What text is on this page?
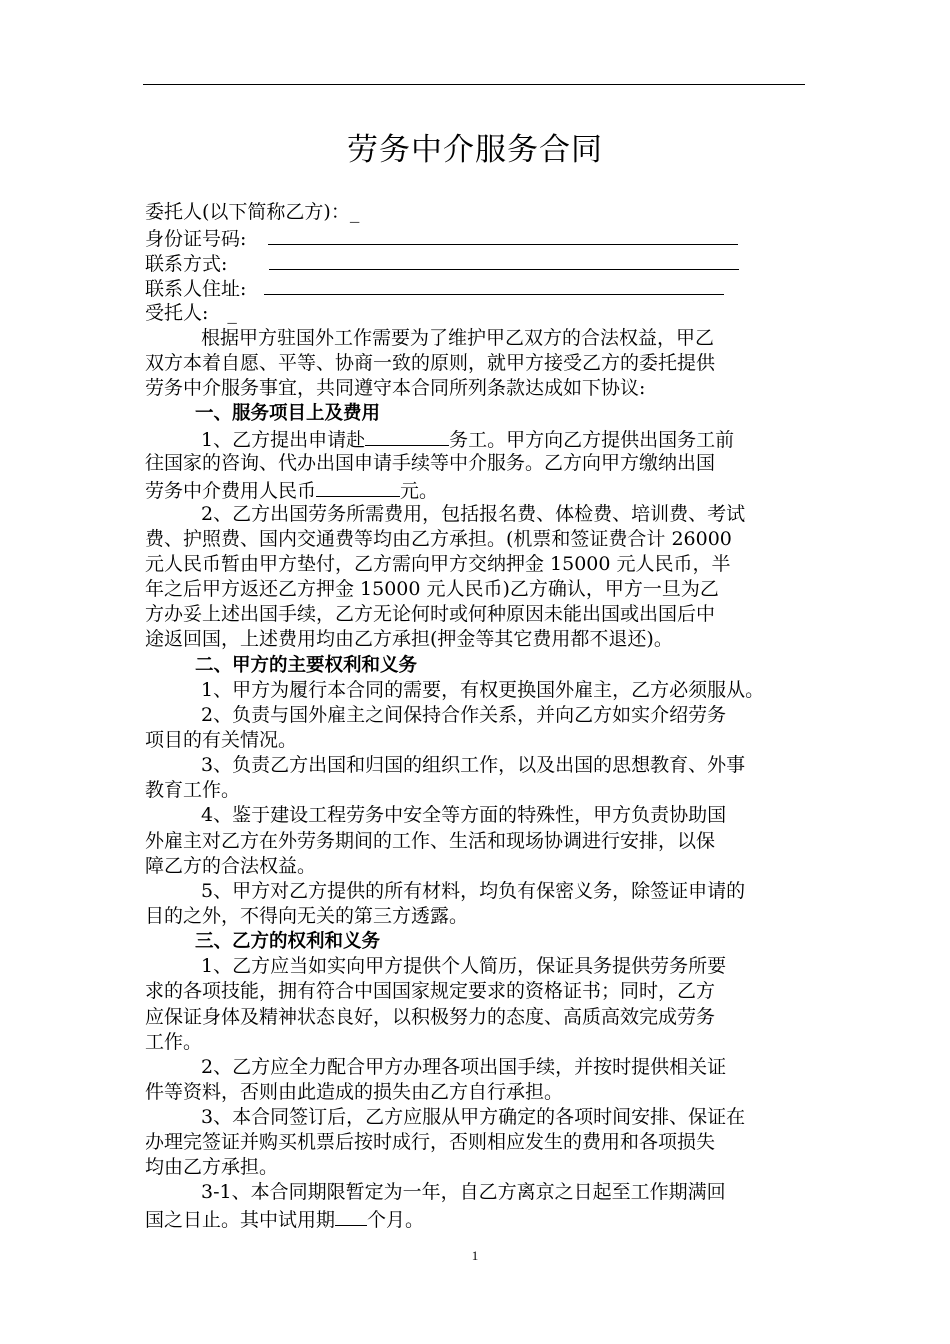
劳务中介服务合同
委托人(以下简称乙方)：_
身份证号码:
联系方式:
联系人住址:
受托人:　_
根据甲方驻国外工作需要为了维护甲乙双方的合法权益，甲乙
双方本着自愿、平等、协商一致的原则，就甲方接受乙方的委托提供
劳务中介服务事宜，共同遵守本合同所列条款达成如下协议:
一、服务项目上及费用
1、乙方提出申请赴	务工。甲方向乙方提供出国务工前
往国家的咨询、代办出国申请手续等中介服务。乙方向甲方缴纳出国
劳务中介费用人民币	元。
2、乙方出国劳务所需费用，包括报名费、体检费、培训费、考试
费、护照费、国内交通费等均由乙方承担。(机票和签证费合计 26000
元人民币暂由甲方垫付，乙方需向甲方交纳押金 15000 元人民币，半
年之后甲方返还乙方押金 15000 元人民币)乙方确认，甲方一旦为乙
方办妥上述出国手续，乙方无论何时或何种原因未能出国或出国后中
途返回国，上述费用均由乙方承担(押金等其它费用都不退还)。
二、甲方的主要权利和义务
1、甲方为履行本合同的需要，有权更换国外雇主，乙方必须服从。
2、负责与国外雇主之间保持合作关系，并向乙方如实介绍劳务
项目的有关情况。
3、负责乙方出国和归国的组织工作，以及出国的思想教育、外事
教育工作。
4、鉴于建设工程劳务中安全等方面的特殊性，甲方负责协助国
外雇主对乙方在外劳务期间的工作、生活和现场协调进行安排，以保
障乙方的合法权益。
5、甲方对乙方提供的所有材料，均负有保密义务，除签证申请的
目的之外，不得向无关的第三方透露。
三、乙方的权利和义务
1、乙方应当如实向甲方提供个人简历，保证具务提供劳务所要
求的各项技能，拥有符合中国国家规定要求的资格证书；同时，乙方
应保证身体及精神状态良好，以积极努力的态度、高质高效完成劳务
工作。
2、乙方应全力配合甲方办理各项出国手续，并按时提供相关证
件等资料，否则由此造成的损失由乙方自行承担。
3、本合同签订后，乙方应服从甲方确定的各项时间安排、保证在
办理完签证并购买机票后按时成行，否则相应发生的费用和各项损失
均由乙方承担。
3-1、本合同期限暂定为一年，自乙方离京之日起至工作期满回
国之日止。其中试用期 个月。
1
